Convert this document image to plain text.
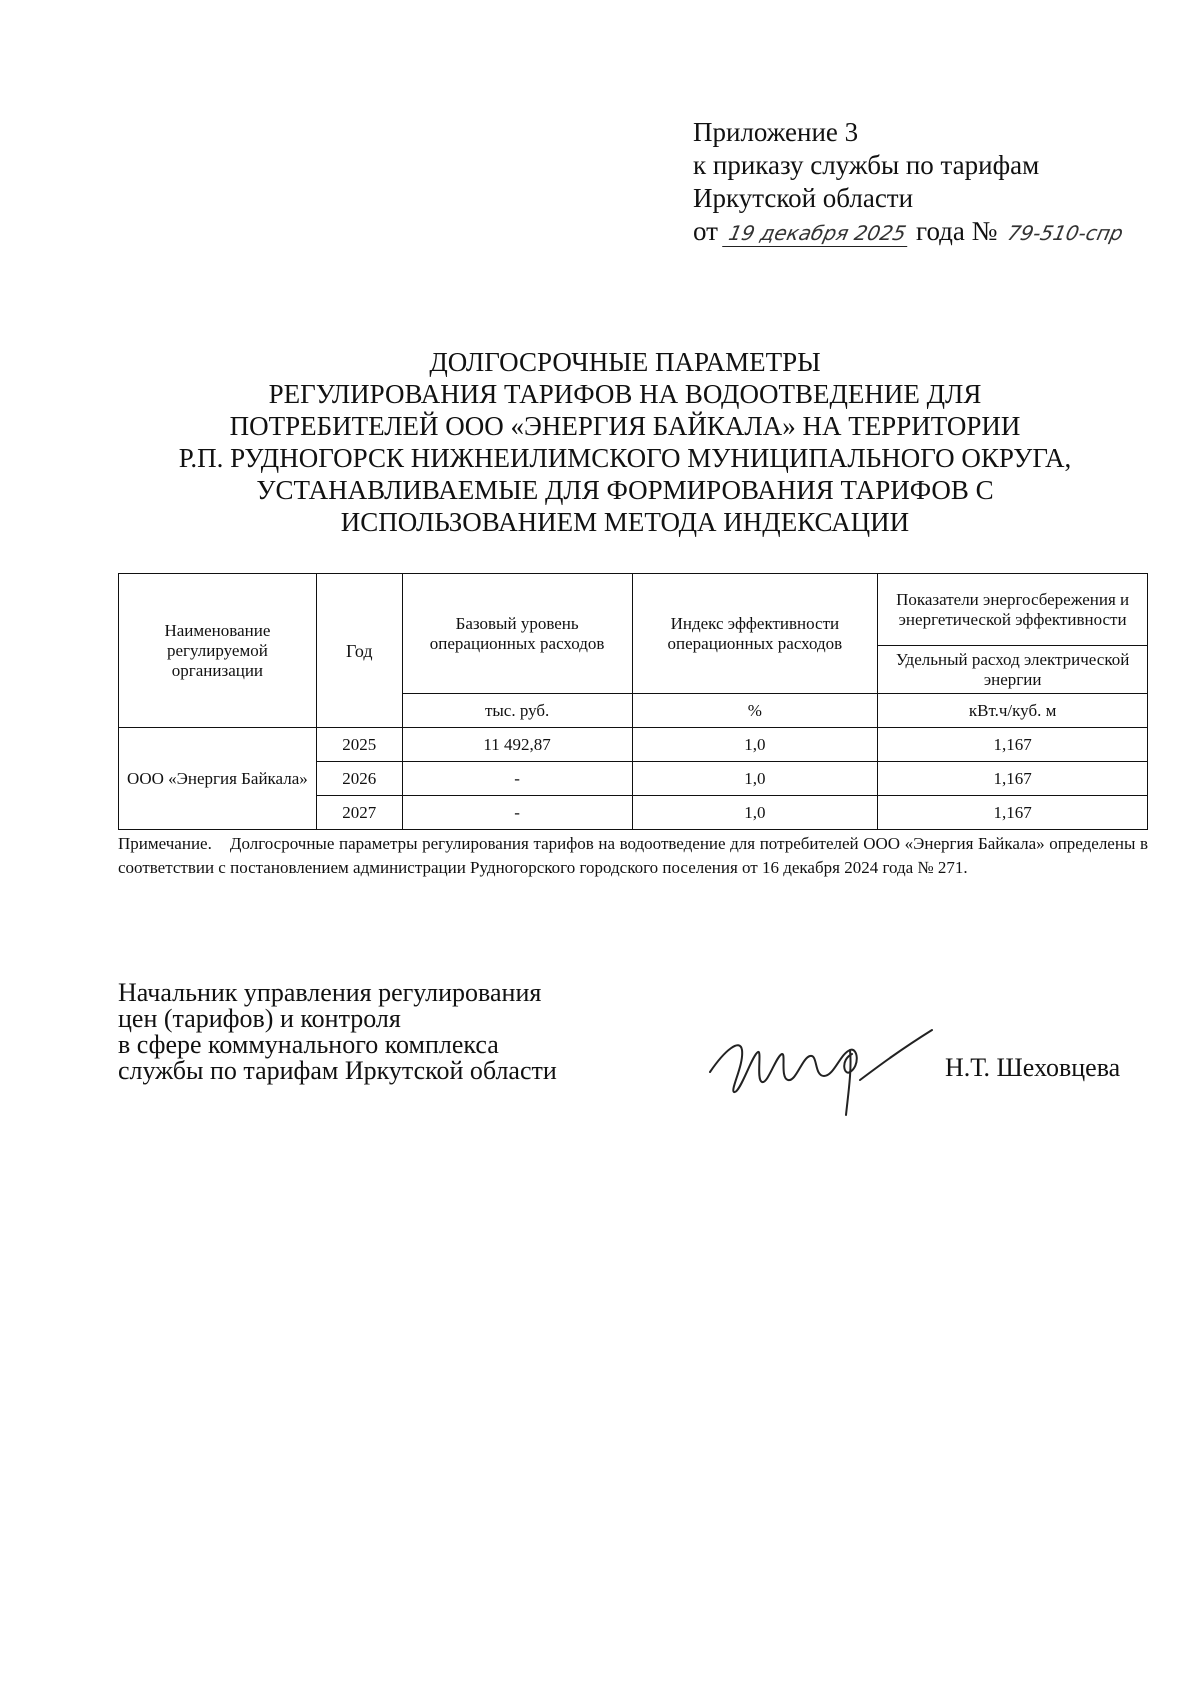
Приложение 3
к приказу службы по тарифам
Иркутской области
от 19 декабря 2025 года № 79-510-спр
ДОЛГОСРОЧНЫЕ ПАРАМЕТРЫ
РЕГУЛИРОВАНИЯ ТАРИФОВ НА ВОДООТВЕДЕНИЕ ДЛЯ
ПОТРЕБИТЕЛЕЙ ООО «ЭНЕРГИЯ БАЙКАЛА» НА ТЕРРИТОРИИ
Р.П. РУДНОГОРСК НИЖНЕИЛИМСКОГО МУНИЦИПАЛЬНОГО ОКРУГА,
УСТАНАВЛИВАЕМЫЕ ДЛЯ ФОРМИРОВАНИЯ ТАРИФОВ С
ИСПОЛЬЗОВАНИЕМ МЕТОДА ИНДЕКСАЦИИ
Наименование регулируемой организации	Год	Базовый уровень операционных расходов	Индекс эффективности операционных расходов	Показатели энергосбережения и энергетической эффективности
				Удельный расход электрической энергии
		тыс. руб.	%	кВт.ч/куб. м
ООО «Энергия Байкала»	2025	11 492,87	1,0	1,167
	2026	-	1,0	1,167
	2027	-	1,0	1,167
Примечание. Долгосрочные параметры регулирования тарифов на водоотведение для потребителей ООО «Энергия Байкала» определены в соответствии с постановлением администрации Рудногорского городского поселения от 16 декабря 2024 года № 271.
Начальник управления регулирования
цен (тарифов) и контроля
в сфере коммунального комплекса
службы по тарифам Иркутской области	Н.Т. Шеховцева
